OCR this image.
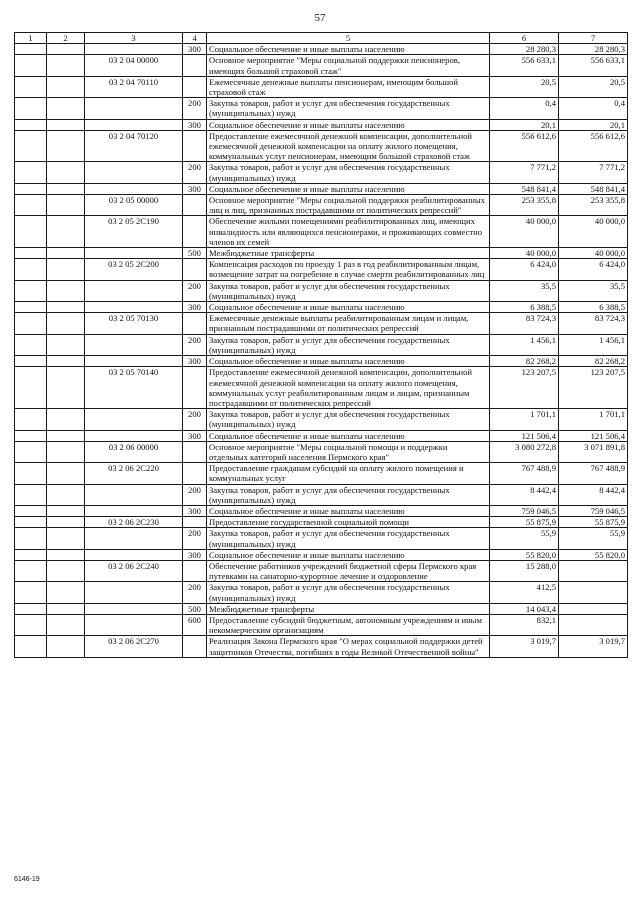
57
1	2	3	4	5	6	7
			300	Социальное обеспечение и иные выплаты населению	28 280,3	28 280,3
		03 2 04 00000		Основное мероприятие "Меры социальной поддержки пенсионеров, имеющих большой страховой стаж"	556 633,1	556 633,1
		03 2 04 70110		Ежемесячные денежные выплаты пенсионерам, имеющим большой страховой стаж	20,5	20,5
			200	Закупка товаров, работ и услуг для обеспечения государственных (муниципальных) нужд	0,4	0,4
			300	Социальное обеспечение и иные выплаты населению	20,1	20,1
		03 2 04 70120		Предоставление ежемесячной денежной компенсации, дополнительной ежемесячной денежной компенсации на оплату жилого помещения, коммунальных услуг пенсионерам, имеющим большой страховой стаж	556 612,6	556 612,6
			200	Закупка товаров, работ и услуг для обеспечения государственных (муниципальных) нужд	7 771,2	7 771,2
			300	Социальное обеспечение и иные выплаты населению	548 841,4	548 841,4
		03 2 05 00000		Основное мероприятие "Меры социальной поддержки реабилитированных лиц и лиц, признанных пострадавшими от политических репрессий"	253 355,8	253 355,8
		03 2 05 2С190		Обеспечение жилыми помещениями реабилитированных лиц, имеющих инвалидность или являющихся пенсионерами, и проживающих совместно членов их семей	40 000,0	40 000,0
			500	Межбюджетные трансферты	40 000,0	40 000,0
		03 2 05 2С200		Компенсация расходов по проезду 1 раз в год реабилитированным лицам, возмещение затрат на погребение в случае смерти реабилитированных лиц	6 424,0	6 424,0
			200	Закупка товаров, работ и услуг для обеспечения государственных (муниципальных) нужд	35,5	35,5
			300	Социальное обеспечение и иные выплаты населению	6 388,5	6 388,5
		03 2 05 70130		Ежемесячные денежные выплаты реабилитированным лицам и лицам, признанным пострадавшими от политических репрессий	83 724,3	83 724,3
			200	Закупка товаров, работ и услуг для обеспечения государственных (муниципальных) нужд	1 456,1	1 456,1
			300	Социальное обеспечение и иные выплаты населению	82 268,2	82 268,2
		03 2 05 70140		Предоставление ежемесячной денежной компенсации, дополнительной ежемесячной денежной компенсации на оплату жилого помещения, коммунальных услуг реабилитированным лицам и лицам, признанным пострадавшими от политических репрессий	123 207,5	123 207,5
			200	Закупка товаров, работ и услуг для обеспечения государственных (муниципальных) нужд	1 701,1	1 701,1
			300	Социальное обеспечение и иные выплаты населению	121 506,4	121 506,4
		03 2 06 00000		Основное мероприятие "Меры социальной помощи и поддержки отдельных категорий населения Пермского края"	3 080 272,8	3 071 891,8
		03 2 06 2С220		Предоставление гражданам субсидий на оплату жилого помещения и коммунальных услуг	767 488,9	767 488,9
			200	Закупка товаров, работ и услуг для обеспечения государственных (муниципальных) нужд	8 442,4	8 442,4
			300	Социальное обеспечение и иные выплаты населению	759 046,5	759 046,5
		03 2 06 2С230		Предоставление государственной социальной помощи	55 875,9	55 875,9
			200	Закупка товаров, работ и услуг для обеспечения государственных (муниципальных) нужд	55,9	55,9
			300	Социальное обеспечение и иные выплаты населению	55 820,0	55 820,0
		03 2 06 2С240		Обеспечение работников учреждений бюджетной сферы Пермского края путевками на санаторно-курортное лечение и оздоровление	15 288,0	
			200	Закупка товаров, работ и услуг для обеспечения государственных (муниципальных) нужд	412,5	
			500	Межбюджетные трансферты	14 043,4	
			600	Предоставление субсидий бюджетным, автономным учреждениям и иным некоммерческим организациям	832,1	
		03 2 06 2С270		Реализация Закона Пермского края "О мерах социальной поддержки детей защитников Отечества, погибших в годы Великой Отечественной войны"	3 019,7	3 019,7
6146-19
